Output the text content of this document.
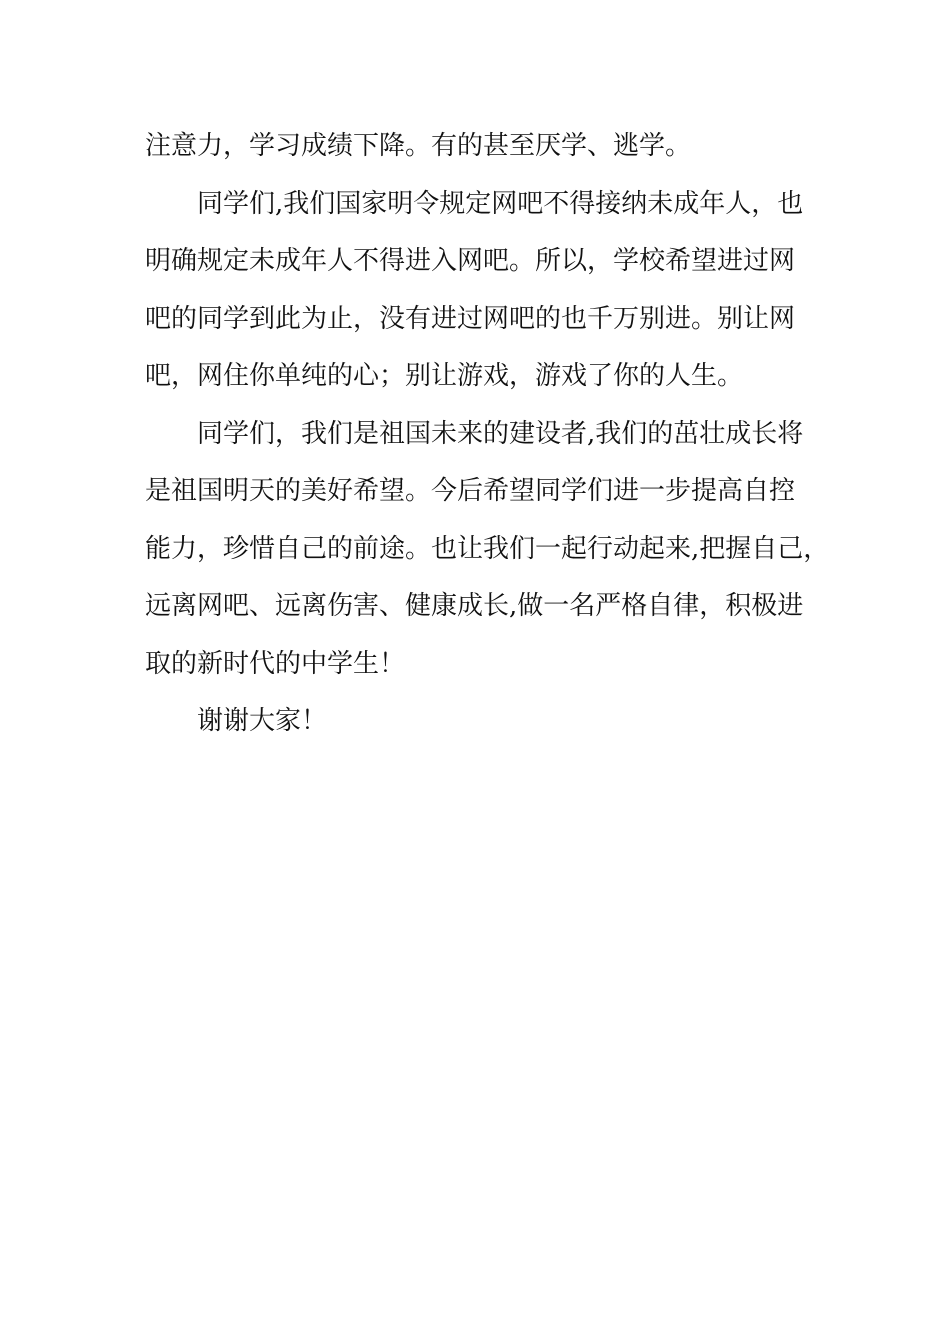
注意力，学习成绩下降。有的甚至厌学、逃学。
同学们,我们国家明令规定网吧不得接纳未成年人，也
明确规定未成年人不得进入网吧。所以，学校希望进过网
吧的同学到此为止，没有进过网吧的也千万别进。别让网
吧，网住你单纯的心；别让游戏，游戏了你的人生。
同学们，我们是祖国未来的建设者,我们的茁壮成长将
是祖国明天的美好希望。今后希望同学们进一步提高自控
能力，珍惜自己的前途。也让我们一起行动起来,把握自己，
远离网吧、远离伤害、健康成长,做一名严格自律，积极进
取的新时代的中学生！
谢谢大家！
